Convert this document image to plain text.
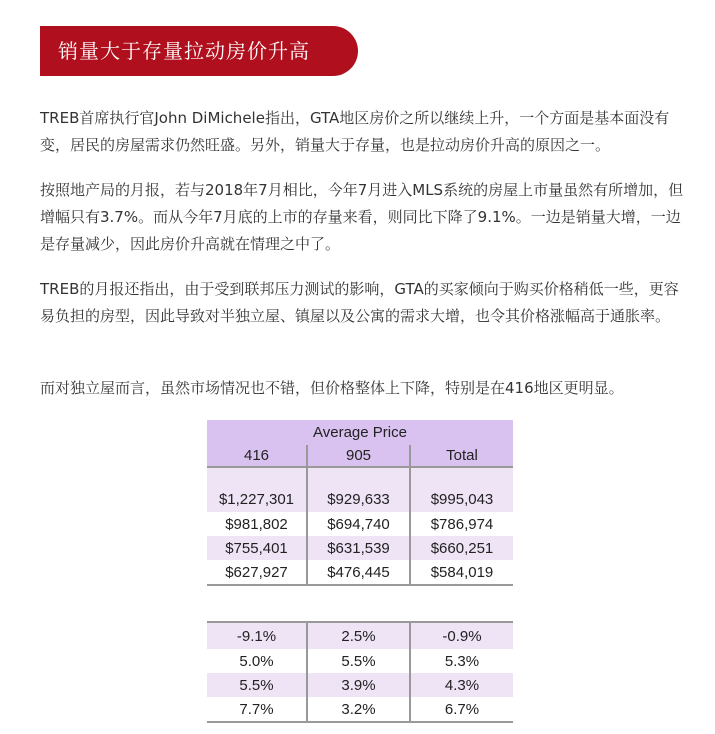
销量大于存量拉动房价升高

TREB首席执行官John DiMichele指出，GTA地区房价之所以继续上升，一个方面是基本面没有变，居民的房屋需求仍然旺盛。另外，销量大于存量，也是拉动房价升高的原因之一。

按照地产局的月报，若与2018年7月相比，今年7月进入MLS系统的房屋上市量虽然有所增加，但增幅只有3.7%。而从今年7月底的上市的存量来看，则同比下降了9.1%。一边是销量大增，一边是存量减少，因此房价升高就在情理之中了。

TREB的月报还指出，由于受到联邦压力测试的影响，GTA的买家倾向于购买价格稍低一些，更容易负担的房型，因此导致对半独立屋、镇屋以及公寓的需求大增，也令其价格涨幅高于通胀率。

而对独立屋而言，虽然市场情况也不错，但价格整体上下降，特别是在416地区更明显。

Average Price
416	905	Total
$1,227,301	$929,633	$995,043
$981,802	$694,740	$786,974
$755,401	$631,539	$660,251
$627,927	$476,445	$584,019
-9.1%	2.5%	-0.9%
5.0%	5.5%	5.3%
5.5%	3.9%	4.3%
7.7%	3.2%	6.7%
